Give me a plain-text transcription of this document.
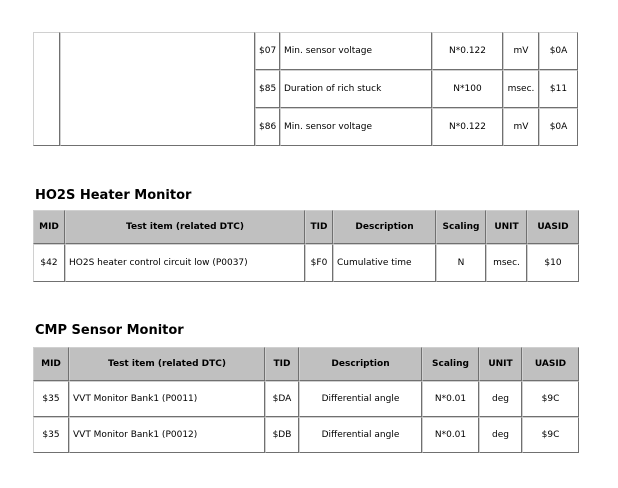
		$07	Min. sensor voltage	N*0.122	mV	$0A
		$85	Duration of rich stuck	N*100	msec.	$11
		$86	Min. sensor voltage	N*0.122	mV	$0A
HO2S Heater Monitor
MID	Test item (related DTC)	TID	Description	Scaling	UNIT	UASID
$42	HO2S heater control circuit low (P0037)	$F0	Cumulative time	N	msec.	$10
CMP Sensor Monitor
MID	Test item (related DTC)	TID	Description	Scaling	UNIT	UASID
$35	VVT Monitor Bank1 (P0011)	$DA	Differential angle	N*0.01	deg	$9C
$35	VVT Monitor Bank1 (P0012)	$DB	Differential angle	N*0.01	deg	$9C
